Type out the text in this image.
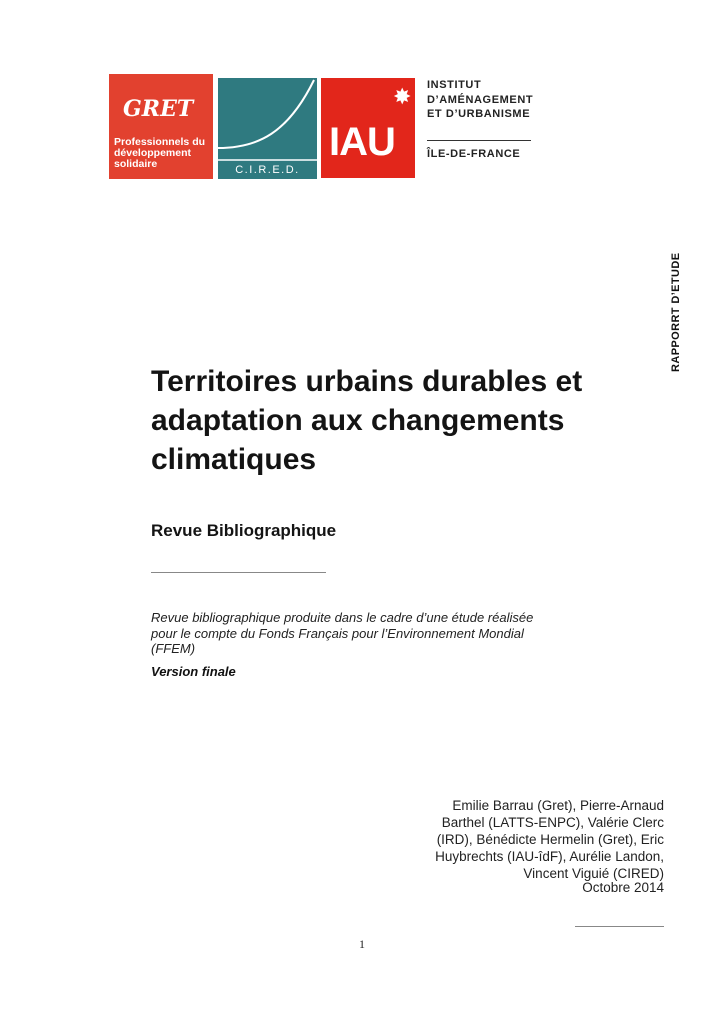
GRET
Professionnels du
développement
solidaire	C.I.R.E.D.
✸
IAU
INSTITUT
D’AMÉNAGEMENT
ET D’URBANISME
ÎLE-DE-FRANCE
RAPPORRT D’ETUDE
Territoires urbains durables et
adaptation aux changements
climatiques
Revue Bibliographique
Revue bibliographique produite dans le cadre d’une étude réalisée
pour le compte du Fonds Français pour l’Environnement Mondial
(FFEM)
Version finale
Emilie Barrau (Gret), Pierre-Arnaud
Barthel (LATTS-ENPC), Valérie Clerc
(IRD), Bénédicte Hermelin (Gret), Eric
Huybrechts (IAU-îdF), Aurélie Landon,
Vincent Viguié (CIRED)
Octobre 2014
1
